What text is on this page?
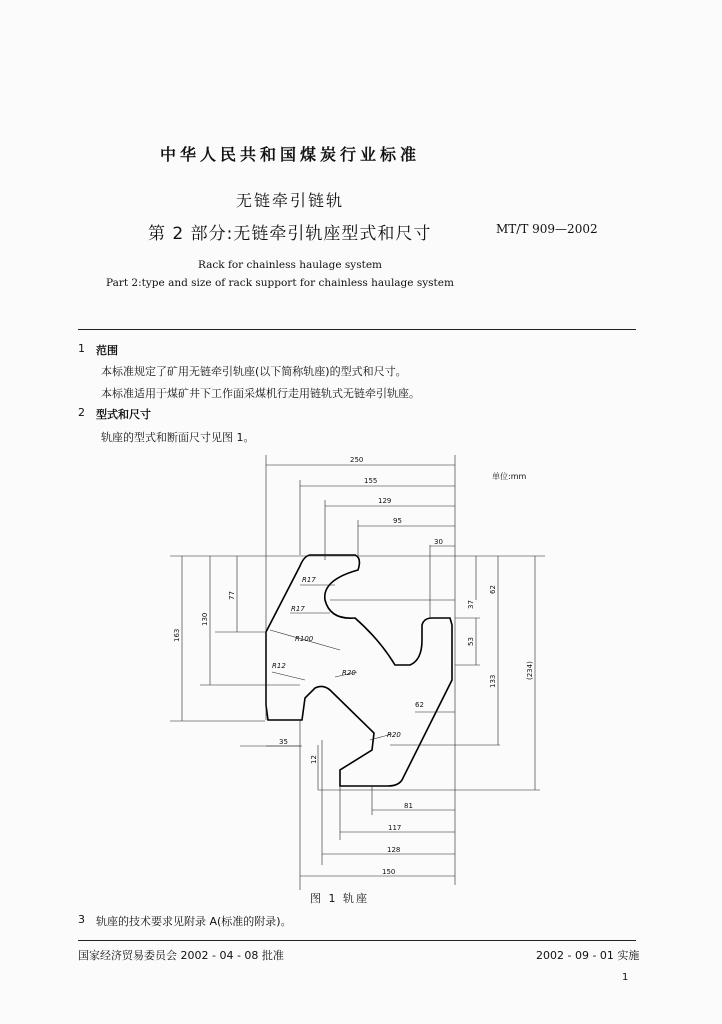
中华人民共和国煤炭行业标准
无链牵引链轨
第 2 部分:无链牵引轨座型式和尺寸	MT/T 909—2002
Rack for chainless haulage system
Part 2:type and size of rack support for chainless haulage system
1 范围
本标准规定了矿用无链牵引轨座(以下简称轨座)的型式和尺寸。
本标准适用于煤矿井下工作面采煤机行走用链轨式无链牵引轨座。
2 型式和尺寸
轨座的型式和断面尺寸见图 1。
250
155
129
95
30
163
130
77
37
62
53
133
(234)
62
35
12
81
117
128
150
R17
R17
R100
R12
R20
R20
单位:mm
图 1 轨座
3 轨座的技术要求见附录 A(标准的附录)。
国家经济贸易委员会 2002 - 04 - 08 批准	2002 - 09 - 01 实施
1
